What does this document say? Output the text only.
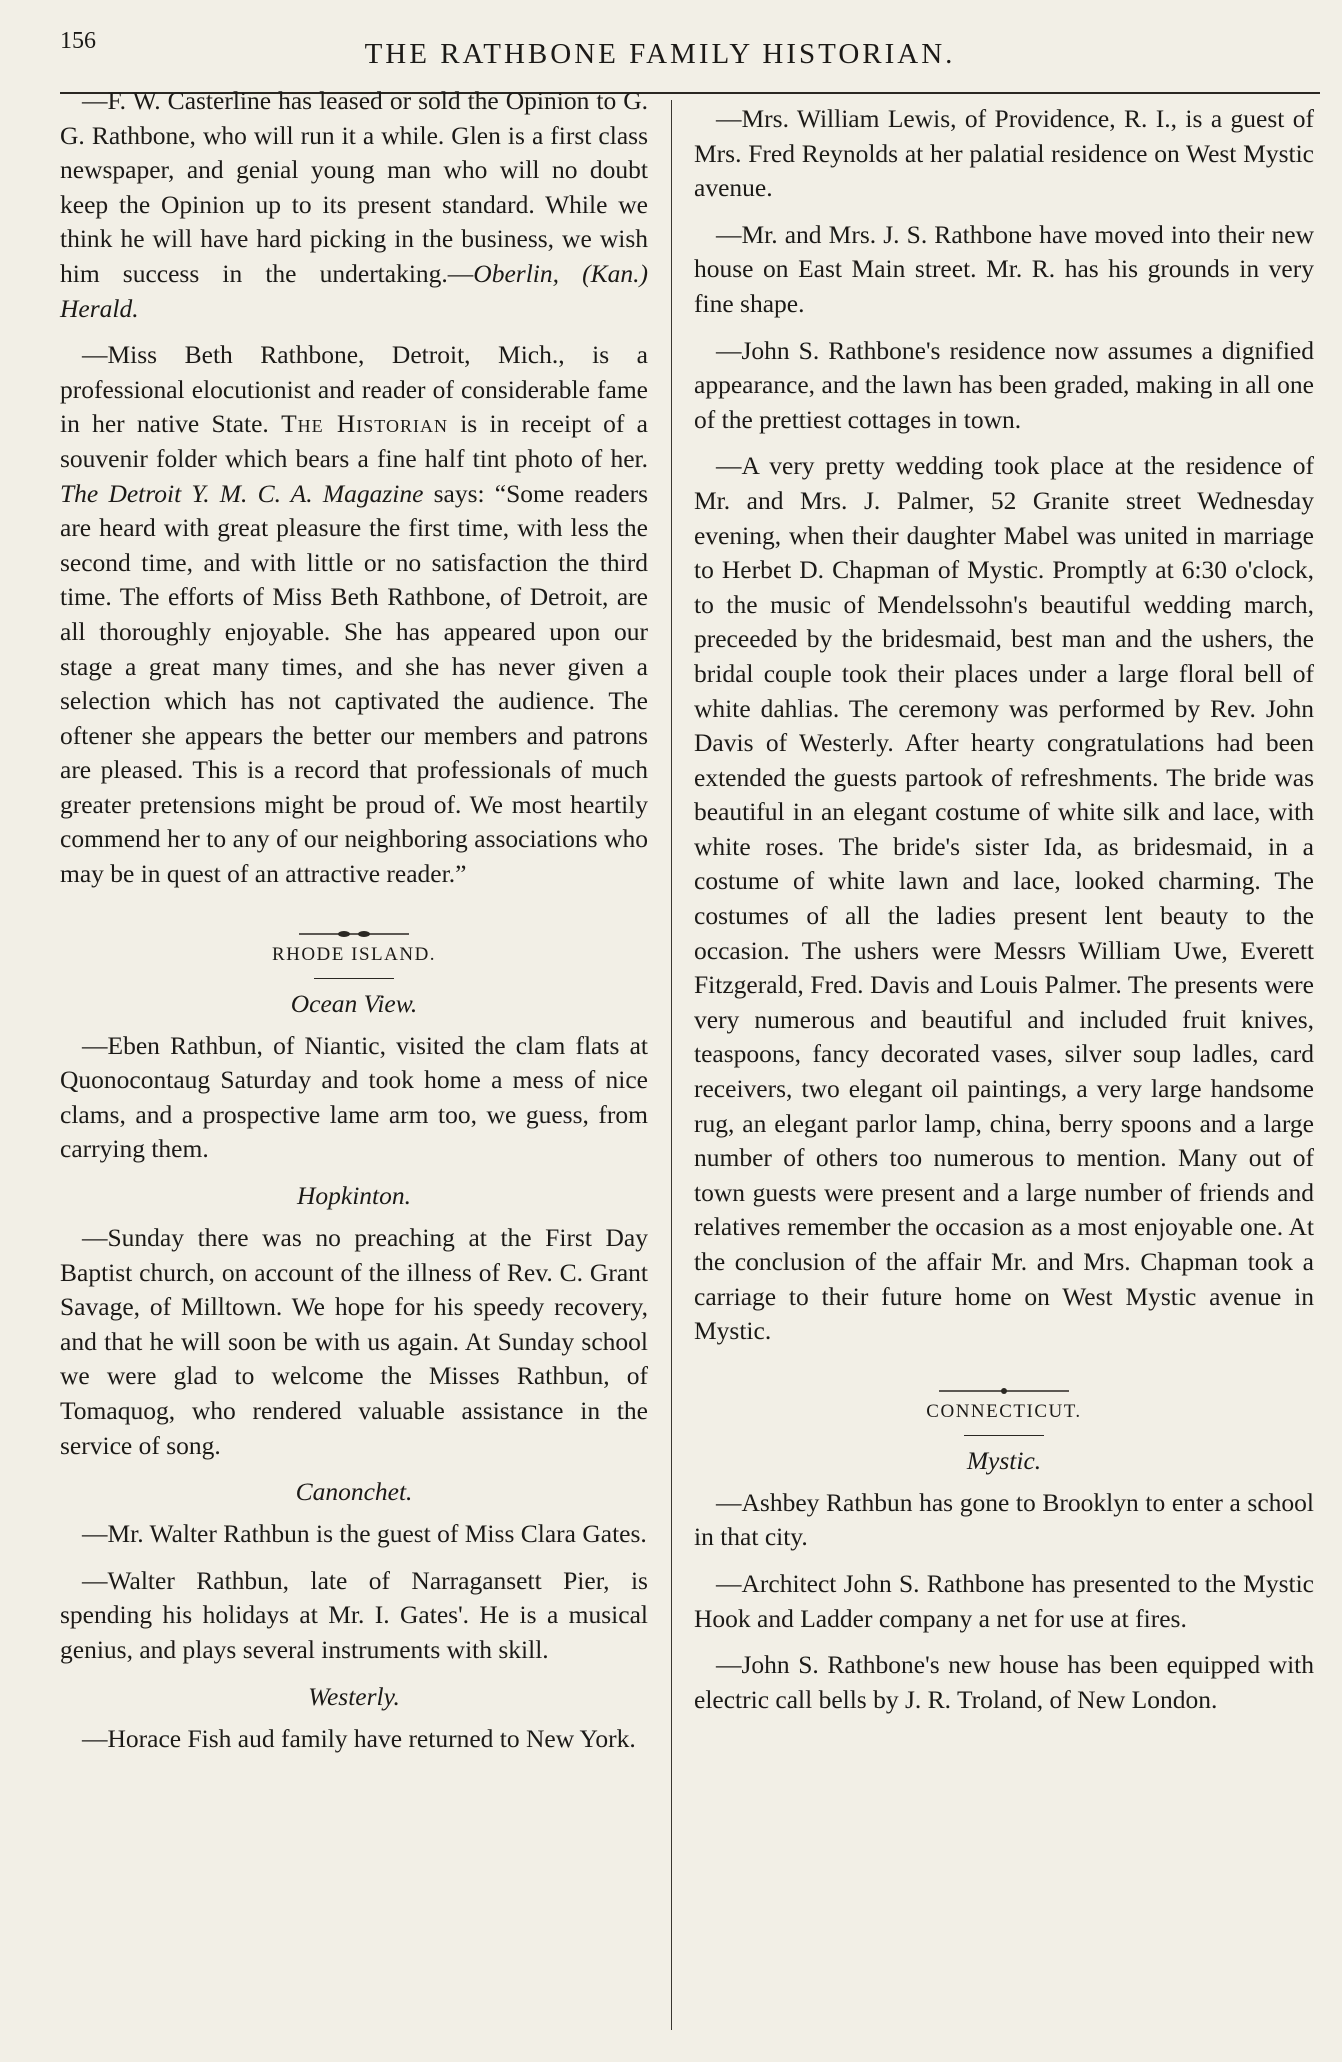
156	THE RATHBONE FAMILY HISTORIAN.

—F. W. Casterline has leased or sold the Opinion to G. G. Rathbone, who will run it a while. Glen is a first class newspaper, and genial young man who will no doubt keep the Opinion up to its present standard. While we think he will have hard picking in the business, we wish him success in the undertaking.—Oberlin, (Kan.) Herald.

—Miss Beth Rathbone, Detroit, Mich., is a professional elocutionist and reader of considerable fame in her native State. The Historian is in receipt of a souvenir folder which bears a fine half tint photo of her. The Detroit Y. M. C. A. Magazine says: “Some readers are heard with great pleasure the first time, with less the second time, and with little or no satisfaction the third time. The efforts of Miss Beth Rathbone, of Detroit, are all thoroughly enjoyable. She has appeared upon our stage a great many times, and she has never given a selection which has not captivated the audience. The oftener she appears the better our members and patrons are pleased. This is a record that professionals of much greater pretensions might be proud of. We most heartily commend her to any of our neighboring associations who may be in quest of an attractive reader.”

RHODE ISLAND.
Ocean View.

—Eben Rathbun, of Niantic, visited the clam flats at Quonocontaug Saturday and took home a mess of nice clams, and a prospective lame arm too, we guess, from carrying them.

Hopkinton.

—Sunday there was no preaching at the First Day Baptist church, on account of the illness of Rev. C. Grant Savage, of Milltown. We hope for his speedy recovery, and that he will soon be with us again. At Sunday school we were glad to welcome the Misses Rathbun, of Tomaquog, who rendered valuable assistance in the service of song.

Canonchet.

—Mr. Walter Rathbun is the guest of Miss Clara Gates.

—Walter Rathbun, late of Narragansett Pier, is spending his holidays at Mr. I. Gates'. He is a musical genius, and plays several instruments with skill.

Westerly.

—Horace Fish aud family have returned to New York.

—Mrs. William Lewis, of Providence, R. I., is a guest of Mrs. Fred Reynolds at her palatial residence on West Mystic avenue.

—Mr. and Mrs. J. S. Rathbone have moved into their new house on East Main street. Mr. R. has his grounds in very fine shape.

—John S. Rathbone's residence now assumes a dignified appearance, and the lawn has been graded, making in all one of the prettiest cottages in town.

—A very pretty wedding took place at the residence of Mr. and Mrs. J. Palmer, 52 Granite street Wednesday evening, when their daughter Mabel was united in marriage to Herbet D. Chapman of Mystic. Promptly at 6:30 o'clock, to the music of Mendelssohn's beautiful wedding march, preceeded by the bridesmaid, best man and the ushers, the bridal couple took their places under a large floral bell of white dahlias. The ceremony was performed by Rev. John Davis of Westerly. After hearty congratulations had been extended the guests partook of refreshments. The bride was beautiful in an elegant costume of white silk and lace, with white roses. The bride's sister Ida, as bridesmaid, in a costume of white lawn and lace, looked charming. The costumes of all the ladies present lent beauty to the occasion. The ushers were Messrs William Uwe, Everett Fitzgerald, Fred. Davis and Louis Palmer. The presents were very numerous and beautiful and included fruit knives, teaspoons, fancy decorated vases, silver soup ladles, card receivers, two elegant oil paintings, a very large handsome rug, an elegant parlor lamp, china, berry spoons and a large number of others too numerous to mention. Many out of town guests were present and a large number of friends and relatives remember the occasion as a most enjoyable one. At the conclusion of the affair Mr. and Mrs. Chapman took a carriage to their future home on West Mystic avenue in Mystic.

CONNECTICUT.
Mystic.

—Ashbey Rathbun has gone to Brooklyn to enter a school in that city.

—Architect John S. Rathbone has presented to the Mystic Hook and Ladder company a net for use at fires.

—John S. Rathbone's new house has been equipped with electric call bells by J. R. Troland, of New London.
